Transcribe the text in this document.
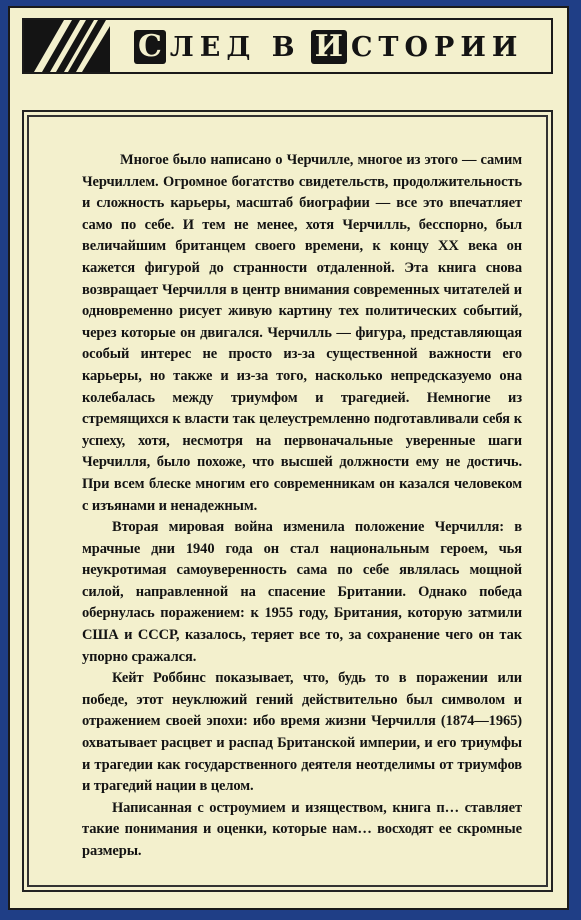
С ЛЕД В И СТОРИИ

Многое было написано о Черчилле, многое из этого — самим Черчиллем. Огромное богатство свидетельств, продолжительность и сложность карьеры, масштаб биографии — все это впечатляет само по себе. И тем не менее, хотя Черчилль, бесспорно, был величайшим британцем своего времени, к концу XX века он кажется фигурой до странности отдаленной. Эта книга снова возвращает Черчилля в центр внимания современных читателей и одновременно рисует живую картину тех политических событий, через которые он двигался. Черчилль — фигура, представляющая особый интерес не просто из-за существенной важности его карьеры, но также и из-за того, насколько непредсказуемо она колебалась между триумфом и трагедией. Немногие из стремящихся к власти так целеустремленно подготавливали себя к успеху, хотя, несмотря на первоначальные уверенные шаги Черчилля, было похоже, что высшей должности ему не достичь. При всем блеске многим его современникам он казался человеком с изъянами и ненадежным.

Вторая мировая война изменила положение Черчилля: в мрачные дни 1940 года он стал национальным героем, чья неукротимая самоуверенность сама по себе являлась мощной силой, направленной на спасение Британии. Однако победа обернулась поражением: к 1955 году, Британия, которую затмили США и СССР, казалось, теряет все то, за сохранение чего он так упорно сражался.

Кейт Роббинс показывает, что, будь то в поражении или победе, этот неуклюжий гений действительно был символом и отражением своей эпохи: ибо время жизни Черчилля (1874—1965) охватывает расцвет и распад Британской империи, и его триумфы и трагедии как государственного деятеля неотделимы от триумфов и трагедий нации в целом.

Написанная с остроумием и изяществом, книга п… ставляет такие понимания и оценки, которые нам… восходят ее скромные размеры.
